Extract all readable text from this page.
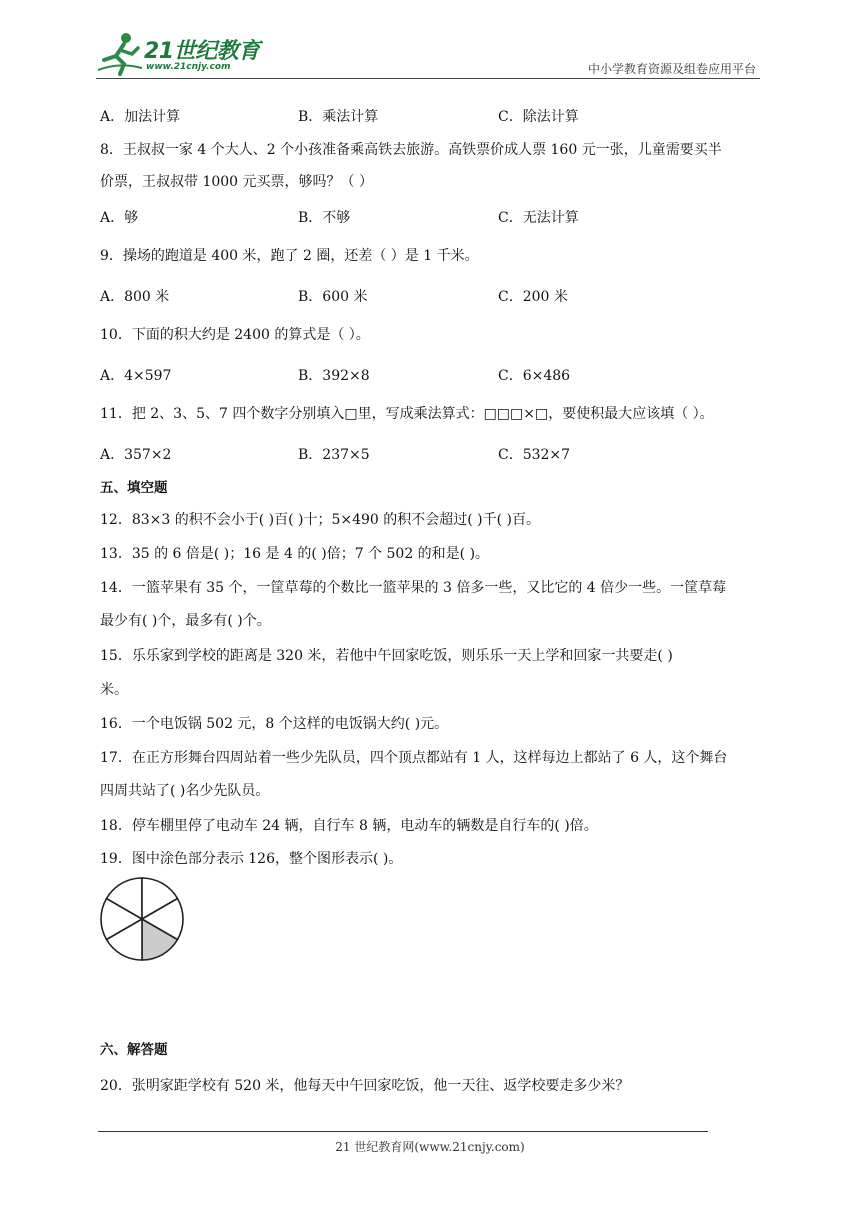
21世纪教育
www.21cnjy.com	中小学教育资源及组卷应用平台
A．加法计算	B．乘法计算	C．除法计算
8．王叔叔一家 4 个大人、2 个小孩准备乘高铁去旅游。高铁票价成人票 160 元一张，儿童需要买半
价票，王叔叔带 1000 元买票，够吗？（ ）
A．够	B．不够	C．无法计算
9．操场的跑道是 400 米，跑了 2 圈，还差（ ）是 1 千米。
A．800 米	B．600 米	C．200 米
10．下面的积大约是 2400 的算式是（ ）。
A．4×597	B．392×8	C．6×486
11．把 2、3、5、7 四个数字分别填入□里，写成乘法算式：□□□×□，要使积最大应该填（ ）。
A．357×2	B．237×5	C．532×7
五、填空题
12．83×3 的积不会小于( )百( )十；5×490 的积不会超过( )千( )百。
13．35 的 6 倍是( )；16 是 4 的( )倍；7 个 502 的和是( )。
14．一篮苹果有 35 个，一筐草莓的个数比一篮苹果的 3 倍多一些，又比它的 4 倍少一些。一筐草莓
最少有( )个，最多有( )个。
15．乐乐家到学校的距离是 320 米，若他中午回家吃饭，则乐乐一天上学和回家一共要走( )
米。
16．一个电饭锅 502 元，8 个这样的电饭锅大约( )元。
17．在正方形舞台四周站着一些少先队员，四个顶点都站有 1 人，这样每边上都站了 6 人，这个舞台
四周共站了( )名少先队员。
18．停车棚里停了电动车 24 辆，自行车 8 辆，电动车的辆数是自行车的( )倍。
19．图中涂色部分表示 126，整个图形表示( )。
六、解答题
20．张明家距学校有 520 米，他每天中午回家吃饭，他一天往、返学校要走多少米？
21 世纪教育网(www.21cnjy.com)
